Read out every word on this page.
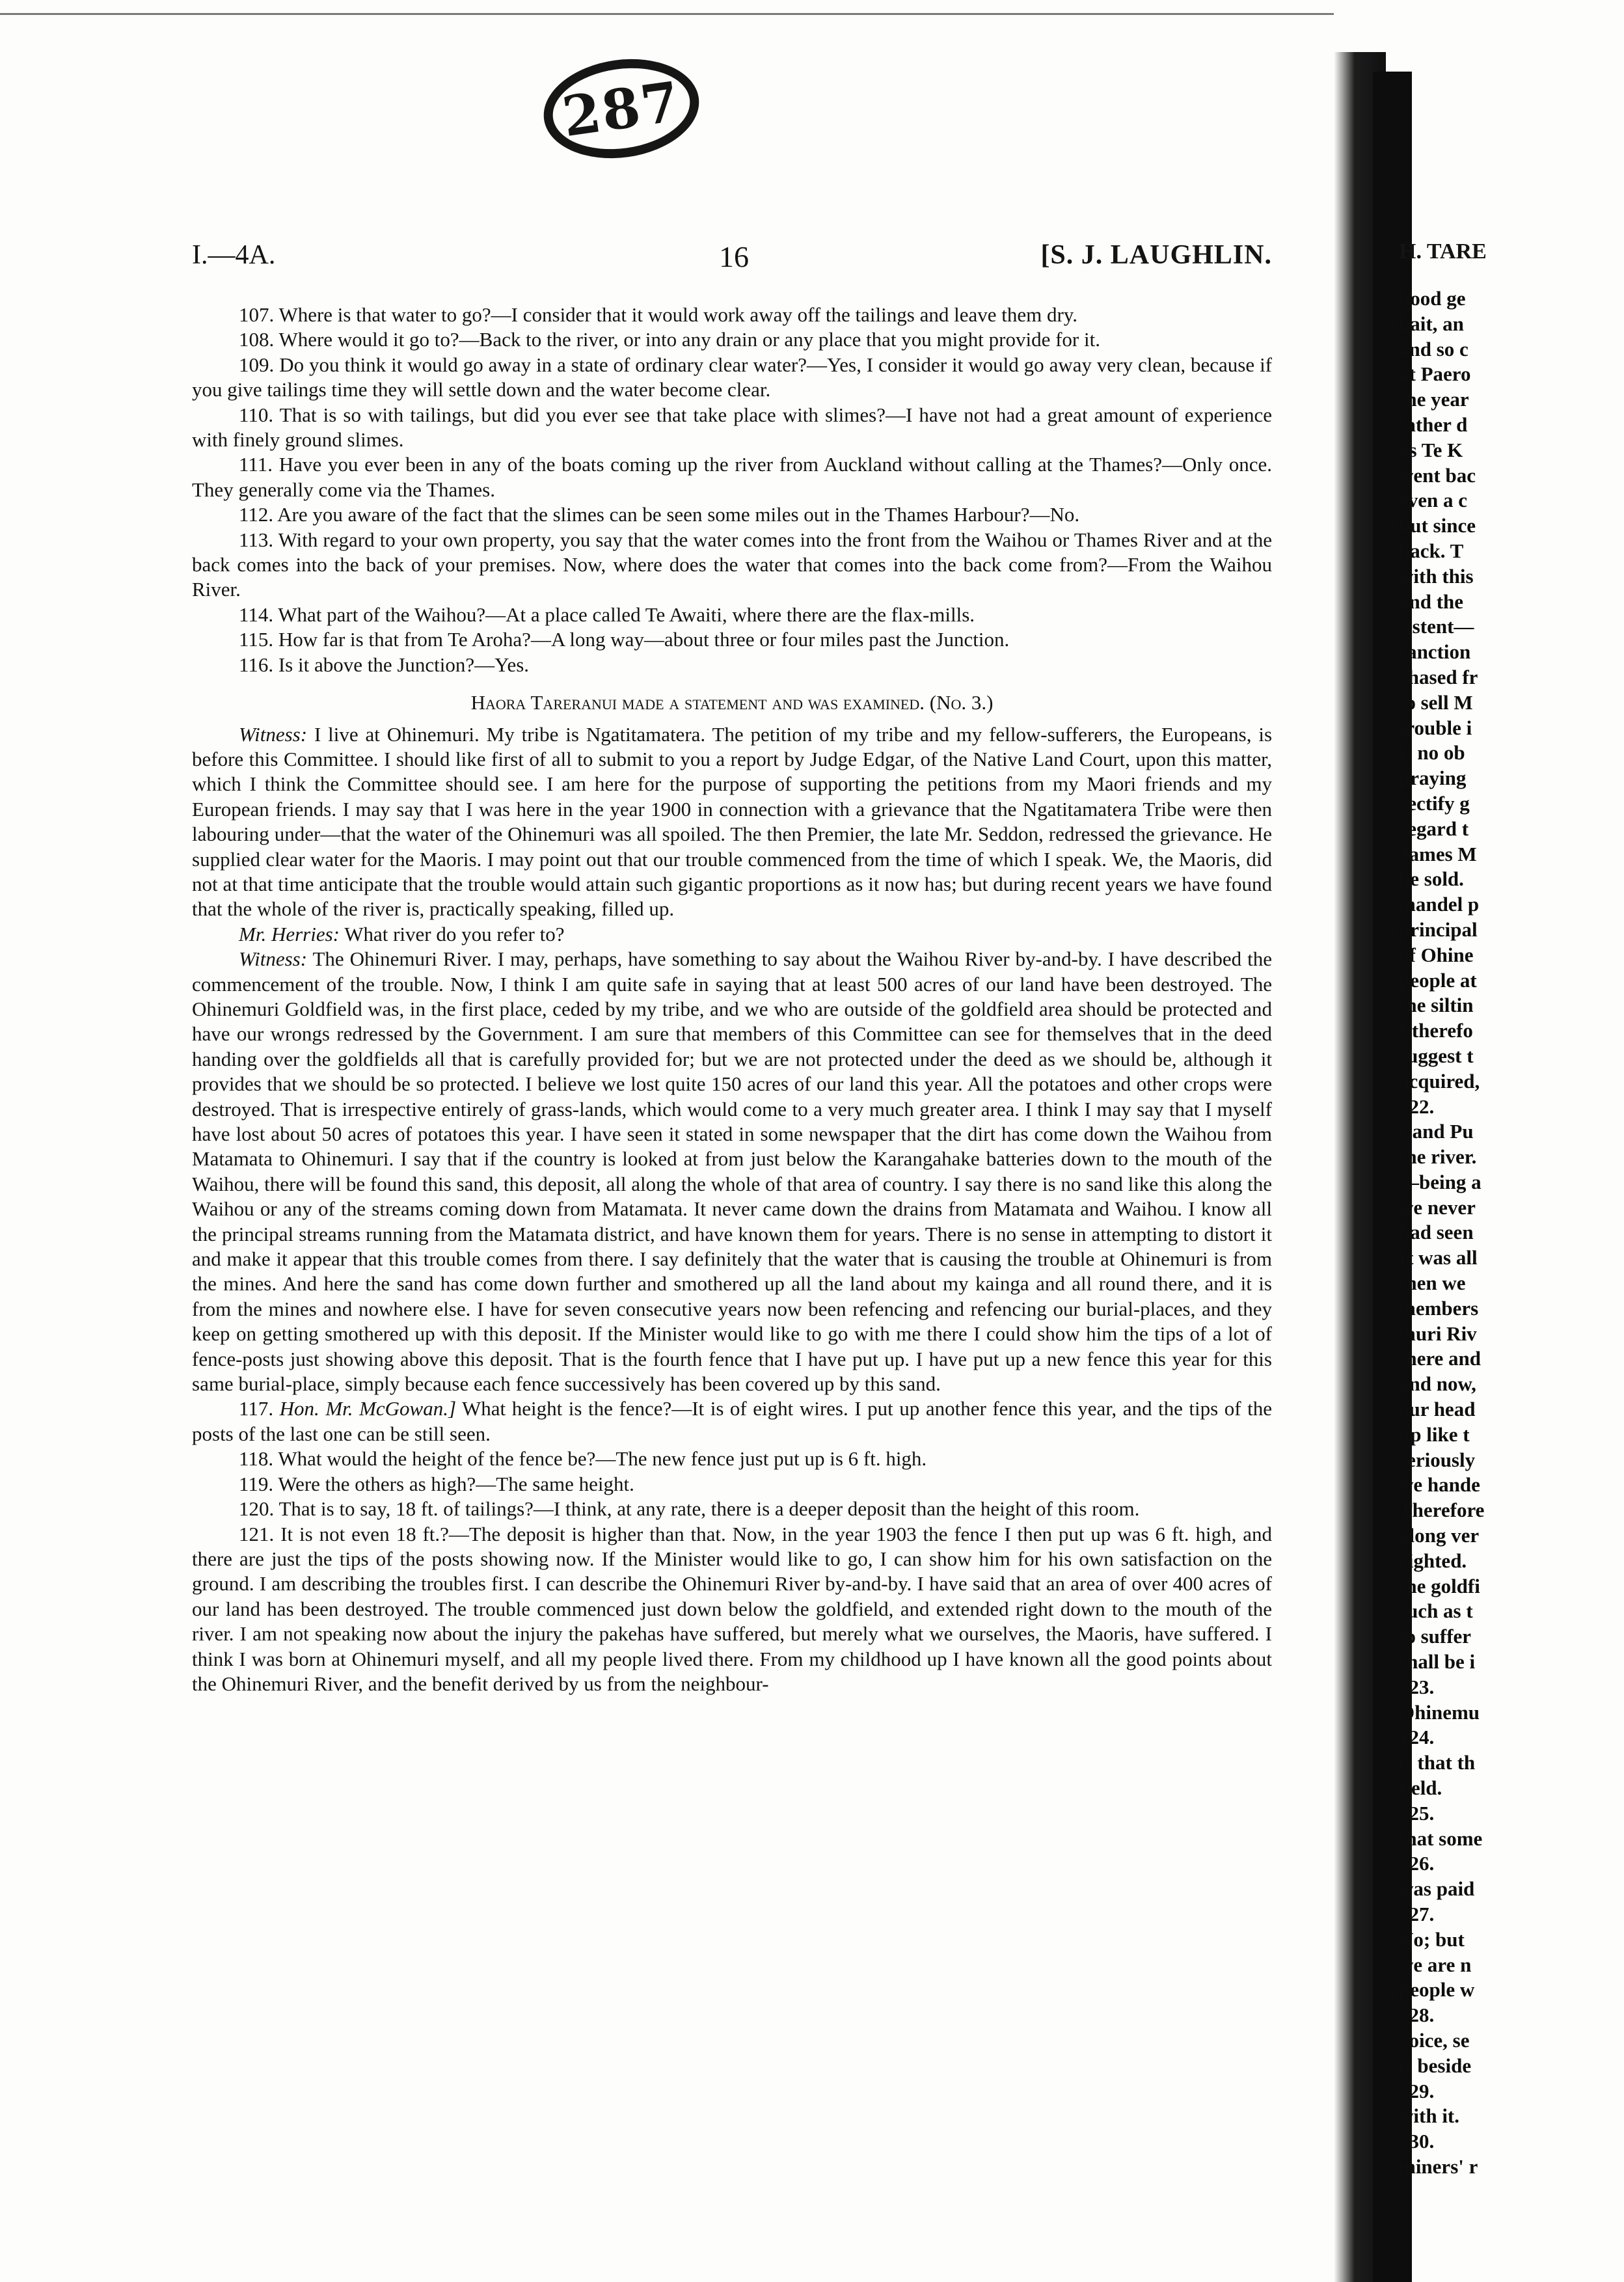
287
I.—4A.	16	[S. J. LAUGHLIN.

107. Where is that water to go?—I consider that it would work away off the tailings and leave them dry.

108. Where would it go to?—Back to the river, or into any drain or any place that you might provide for it.

109. Do you think it would go away in a state of ordinary clear water?—Yes, I consider it would go away very clean, because if you give tailings time they will settle down and the water become clear.

110. That is so with tailings, but did you ever see that take place with slimes?—I have not had a great amount of experience with finely ground slimes.

111. Have you ever been in any of the boats coming up the river from Auckland without calling at the Thames?—Only once. They generally come via the Thames.

112. Are you aware of the fact that the slimes can be seen some miles out in the Thames Harbour?—No.

113. With regard to your own property, you say that the water comes into the front from the Waihou or Thames River and at the back comes into the back of your premises. Now, where does the water that comes into the back come from?—From the Waihou River.

114. What part of the Waihou?—At a place called Te Awaiti, where there are the flax-mills.

115. How far is that from Te Aroha?—A long way—about three or four miles past the Junction.

116. Is it above the Junction?—Yes.

Haora Tareranui made a statement and was examined. (No. 3.)

Witness: I live at Ohinemuri. My tribe is Ngatitamatera. The petition of my tribe and my fellow-sufferers, the Europeans, is before this Committee. I should like first of all to submit to you a report by Judge Edgar, of the Native Land Court, upon this matter, which I think the Committee should see. I am here for the purpose of supporting the petitions from my Maori friends and my European friends. I may say that I was here in the year 1900 in connection with a grievance that the Ngatitamatera Tribe were then labouring under—that the water of the Ohinemuri was all spoiled. The then Premier, the late Mr. Seddon, redressed the grievance. He supplied clear water for the Maoris. I may point out that our trouble commenced from the time of which I speak. We, the Maoris, did not at that time anticipate that the trouble would attain such gigantic proportions as it now has; but during recent years we have found that the whole of the river is, practically speaking, filled up.

Mr. Herries: What river do you refer to?

Witness: The Ohinemuri River. I may, perhaps, have something to say about the Waihou River by-and-by. I have described the commencement of the trouble. Now, I think I am quite safe in saying that at least 500 acres of our land have been destroyed. The Ohinemuri Goldfield was, in the first place, ceded by my tribe, and we who are outside of the goldfield area should be protected and have our wrongs redressed by the Government. I am sure that members of this Committee can see for themselves that in the deed handing over the goldfields all that is carefully provided for; but we are not protected under the deed as we should be, although it provides that we should be so protected. I believe we lost quite 150 acres of our land this year. All the potatoes and other crops were destroyed. That is irrespective entirely of grass-lands, which would come to a very much greater area. I think I may say that I myself have lost about 50 acres of potatoes this year. I have seen it stated in some newspaper that the dirt has come down the Waihou from Matamata to Ohinemuri. I say that if the country is looked at from just below the Karangahake batteries down to the mouth of the Waihou, there will be found this sand, this deposit, all along the whole of that area of country. I say there is no sand like this along the Waihou or any of the streams coming down from Matamata. It never came down the drains from Matamata and Waihou. I know all the principal streams running from the Matamata district, and have known them for years. There is no sense in attempting to distort it and make it appear that this trouble comes from there. I say definitely that the water that is causing the trouble at Ohinemuri is from the mines. And here the sand has come down further and smothered up all the land about my kainga and all round there, and it is from the mines and nowhere else. I have for seven consecutive years now been refencing and refencing our burial-places, and they keep on getting smothered up with this deposit. If the Minister would like to go with me there I could show him the tips of a lot of fence-posts just showing above this deposit. That is the fourth fence that I have put up. I have put up a new fence this year for this same burial-place, simply because each fence successively has been covered up by this sand.

117. Hon. Mr. McGowan.] What height is the fence?—It is of eight wires. I put up another fence this year, and the tips of the posts of the last one can be still seen.

118. What would the height of the fence be?—The new fence just put up is 6 ft. high.

119. Were the others as high?—The same height.

120. That is to say, 18 ft. of tailings?—I think, at any rate, there is a deeper deposit than the height of this room.

121. It is not even 18 ft.?—The deposit is higher than that. Now, in the year 1903 the fence I then put up was 6 ft. high, and there are just the tips of the posts showing now. If the Minister would like to go, I can show him for his own satisfaction on the ground. I am describing the troubles first. I can describe the Ohinemuri River by-and-by. I have said that an area of over 400 acres of our land has been destroyed. The trouble commenced just down below the goldfield, and extended right down to the mouth of the river. I am not speaking now about the injury the pakehas have suffered, but merely what we ourselves, the Maoris, have suffered. I think I was born at Ohinemuri myself, and all my people lived there. From my childhood up I have known all the good points about the Ohinemuri River, and the benefit derived by us from the neighbour-

H. TARE
hood ge
bait, an
and so c
at Paero
the year
father d
as Te K
went bac
even a c
but since
back. T
with this
and the
sistent—
sanction
chased fr
to sell M
trouble i
is no ob
praying
rectify g
regard t
James M
be sold.
mandel p
principal
of Ohine
people at
the siltin
I therefo
suggest t
acquired,
122.
Land Pu
the river.
—being a
we never
had seen
It was all
then we
members
muri Riv
there and
and now,
our head
up like t
seriously
we hande
Therefore
along ver
righted.
the goldfi
such as t
to suffer
shall be i
123.
Ohinemu
124.
is that th
field.
125.
that some
126.
was paid
127.
No; but
we are n
people w
128.
voice, se
is beside
129.
with it.
130.
miners' r
